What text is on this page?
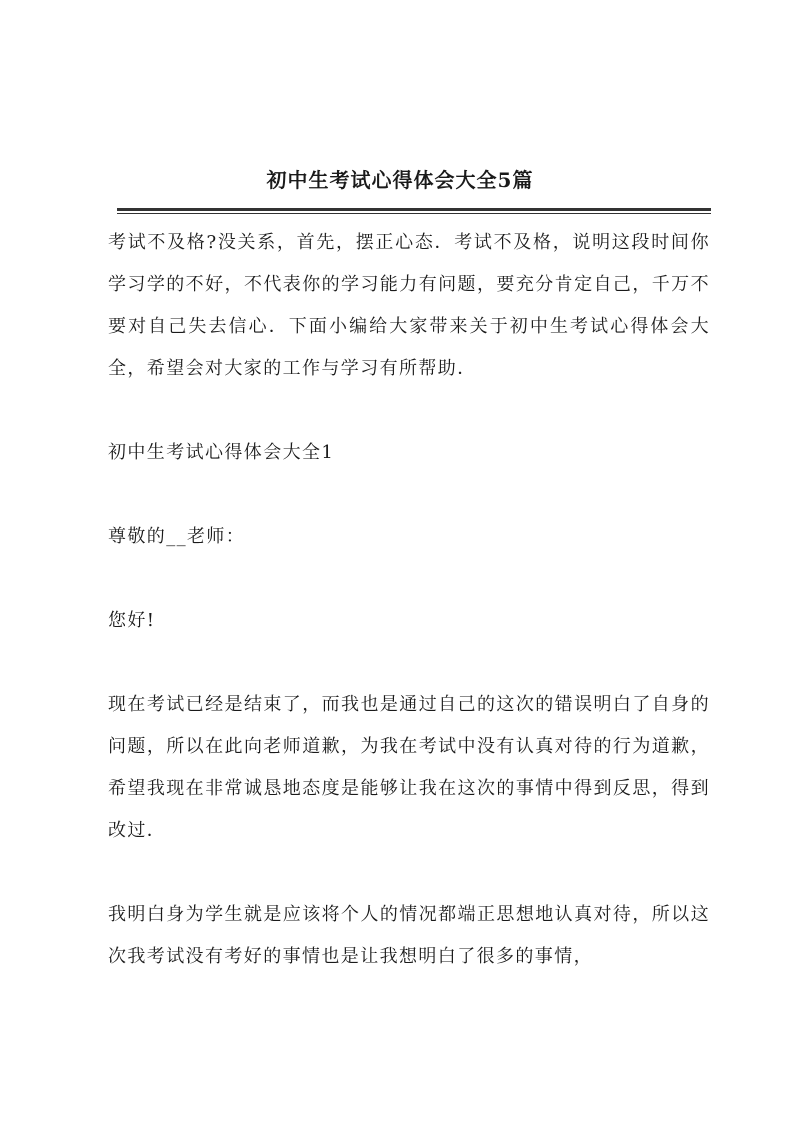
初中生考试心得体会大全5篇

考试不及格?没关系，首先，摆正心态．考试不及格，说明这段时间你学习学的不好，不代表你的学习能力有问题，要充分肯定自己，千万不要对自己失去信心．下面小编给大家带来关于初中生考试心得体会大全，希望会对大家的工作与学习有所帮助．

初中生考试心得体会大全1

尊敬的__老师：

您好!

现在考试已经是结束了，而我也是通过自己的这次的错误明白了自身的问题，所以在此向老师道歉，为我在考试中没有认真对待的行为道歉，希望我现在非常诚恳地态度是能够让我在这次的事情中得到反思，得到改过．

我明白身为学生就是应该将个人的情况都端正思想地认真对待，所以这次我考试没有考好的事情也是让我想明白了很多的事情，
